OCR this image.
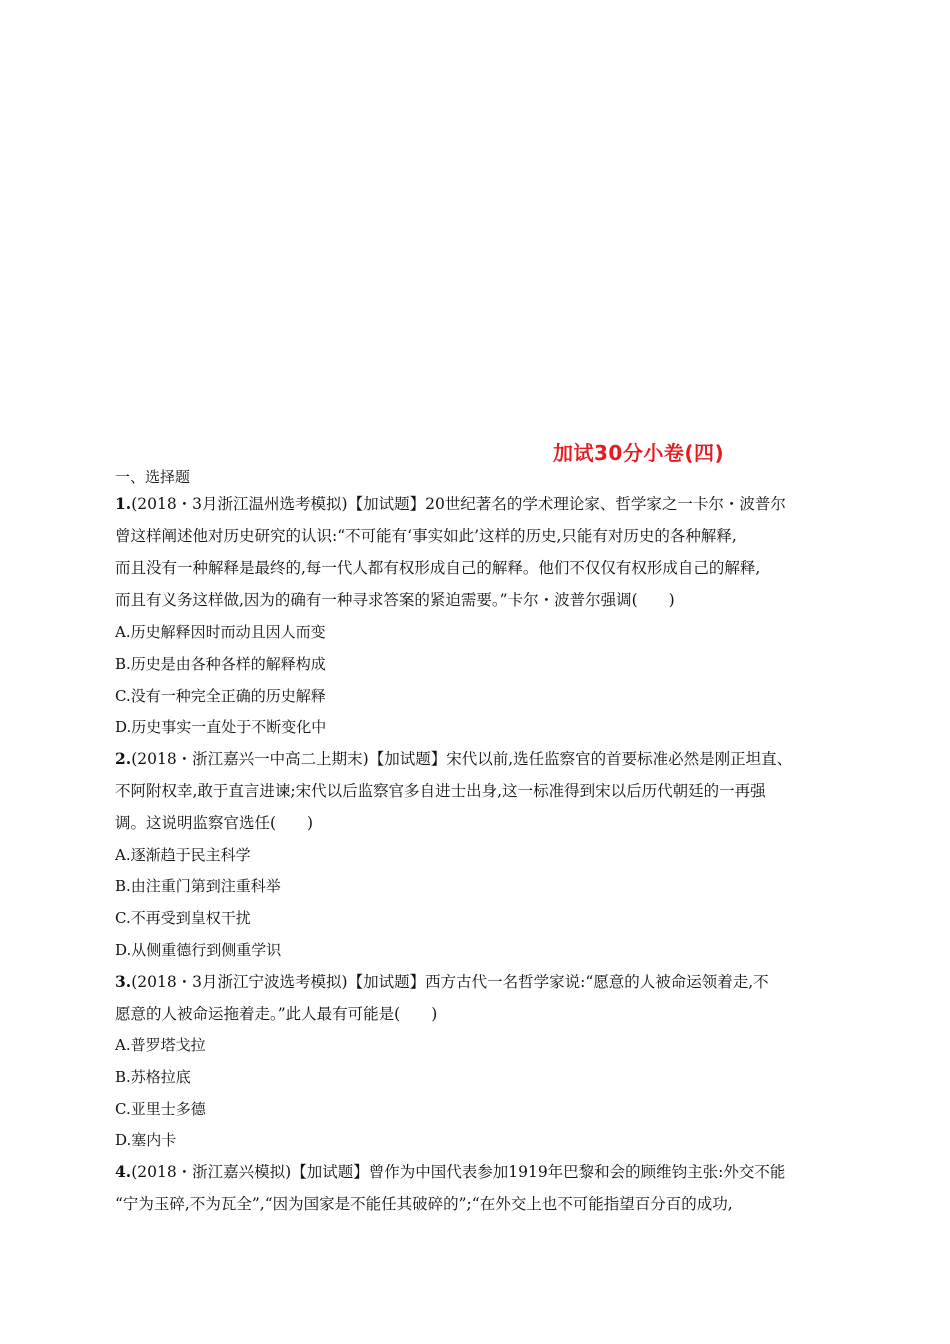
加试30分小卷(四)
一、选择题
1.(2018・3月浙江温州选考模拟)【加试题】20世纪著名的学术理论家、哲学家之一卡尔・波普尔
曾这样阐述他对历史研究的认识:“不可能有‘事实如此’这样的历史,只能有对历史的各种解释,
而且没有一种解释是最终的,每一代人都有权形成自己的解释。他们不仅仅有权形成自己的解释,
而且有义务这样做,因为的确有一种寻求答案的紧迫需要。”卡尔・波普尔强调(　　)
A.历史解释因时而动且因人而变
B.历史是由各种各样的解释构成
C.没有一种完全正确的历史解释
D.历史事实一直处于不断变化中
2.(2018・浙江嘉兴一中高二上期末)【加试题】宋代以前,选任监察官的首要标准必然是刚正坦直、
不阿附权幸,敢于直言进谏;宋代以后监察官多自进士出身,这一标准得到宋以后历代朝廷的一再强
调。这说明监察官选任(　　)
A.逐渐趋于民主科学
B.由注重门第到注重科举
C.不再受到皇权干扰
D.从侧重德行到侧重学识
3.(2018・3月浙江宁波选考模拟)【加试题】西方古代一名哲学家说:“愿意的人被命运领着走,不
愿意的人被命运拖着走。”此人最有可能是(　　)
A.普罗塔戈拉
B.苏格拉底
C.亚里士多德
D.塞内卡
4.(2018・浙江嘉兴模拟)【加试题】曾作为中国代表参加1919年巴黎和会的顾维钧主张:外交不能
“宁为玉碎,不为瓦全”,“因为国家是不能任其破碎的”;“在外交上也不可能指望百分百的成功,
